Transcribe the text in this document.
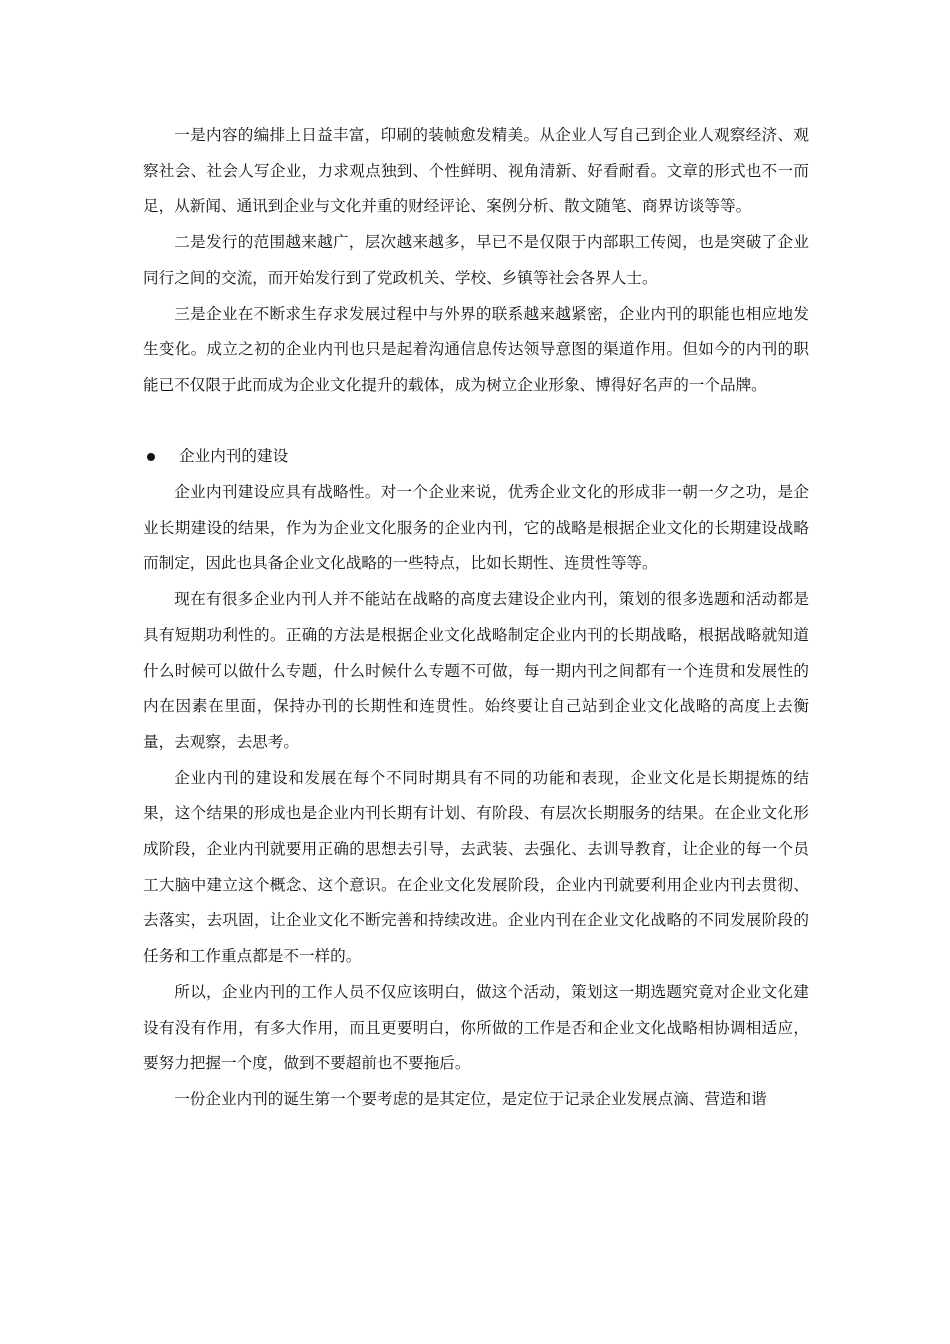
一是内容的编排上日益丰富，印刷的装帧愈发精美。从企业人写自己到企业人观察经济、观察社会、社会人写企业，力求观点独到、个性鲜明、视角清新、好看耐看。文章的形式也不一而足，从新闻、通讯到企业与文化并重的财经评论、案例分析、散文随笔、商界访谈等等。

二是发行的范围越来越广，层次越来越多，早已不是仅限于内部职工传阅，也是突破了企业同行之间的交流，而开始发行到了党政机关、学校、乡镇等社会各界人士。

三是企业在不断求生存求发展过程中与外界的联系越来越紧密，企业内刊的职能也相应地发生变化。成立之初的企业内刊也只是起着沟通信息传达领导意图的渠道作用。但如今的内刊的职能已不仅限于此而成为企业文化提升的载体，成为树立企业形象、博得好名声的一个品牌。

企业内刊的建设

企业内刊建设应具有战略性。对一个企业来说，优秀企业文化的形成非一朝一夕之功，是企业长期建设的结果，作为为企业文化服务的企业内刊，它的战略是根据企业文化的长期建设战略而制定，因此也具备企业文化战略的一些特点，比如长期性、连贯性等等。

现在有很多企业内刊人并不能站在战略的高度去建设企业内刊，策划的很多选题和活动都是具有短期功利性的。正确的方法是根据企业文化战略制定企业内刊的长期战略，根据战略就知道什么时候可以做什么专题，什么时候什么专题不可做，每一期内刊之间都有一个连贯和发展性的内在因素在里面，保持办刊的长期性和连贯性。始终要让自己站到企业文化战略的高度上去衡量，去观察，去思考。

企业内刊的建设和发展在每个不同时期具有不同的功能和表现，企业文化是长期提炼的结果，这个结果的形成也是企业内刊长期有计划、有阶段、有层次长期服务的结果。在企业文化形成阶段，企业内刊就要用正确的思想去引导，去武装、去强化、去训导教育，让企业的每一个员工大脑中建立这个概念、这个意识。在企业文化发展阶段，企业内刊就要利用企业内刊去贯彻、去落实，去巩固，让企业文化不断完善和持续改进。企业内刊在企业文化战略的不同发展阶段的任务和工作重点都是不一样的。

所以，企业内刊的工作人员不仅应该明白，做这个活动，策划这一期选题究竟对企业文化建设有没有作用，有多大作用，而且更要明白，你所做的工作是否和企业文化战略相协调相适应，要努力把握一个度，做到不要超前也不要拖后。

一份企业内刊的诞生第一个要考虑的是其定位，是定位于记录企业发展点滴、营造和谐
